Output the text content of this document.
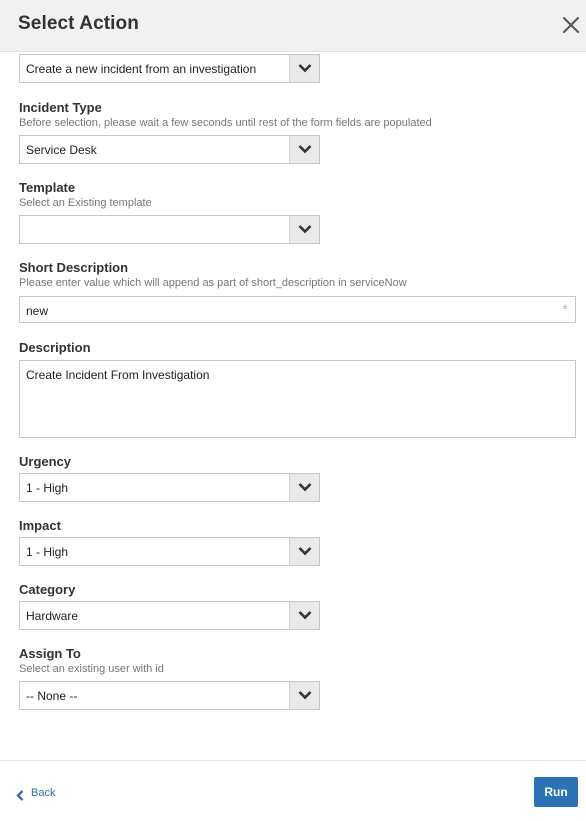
Select Action
Create a new incident from an investigation
Incident Type
Before selection, please wait a few seconds until rest of the form fields are populated
Service Desk
Template
Select an Existing template
Short Description
Please enter value which will append as part of short_description in serviceNow
new	*
Description
Create Incident From Investigation
Urgency
1 - High
Impact
1 - High
Category
Hardware
Assign To
Select an existing user with id
-- None --
Back	Run
